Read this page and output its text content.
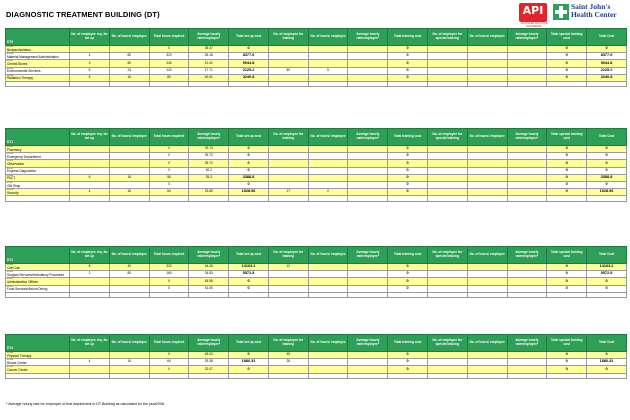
DIAGNOSTIC TREATMENT BUILDING (DT)	API
ADVANCED PRACTICE ENGINEERS
Saint John's
Health Center
DT0	No. of employee req. for set up	No. of hours/ employee	Total hours required	Average hourly rate/employee*	Total set up cost	No. of employee for training	No. of hours/ employee	Average hourly rate/employee*	Total training cost	No. of employee for special training	No. of hours/ employee	Average hourly rate/employee*	Total special training cost	Total Cost

DT0A
Bedpan/Isolators			0	35.47	0				0				0	0

DT0B
Material Management Administration	4	80	320	26.18	8377.6				0				0	8377.6

DT0C
Central Stores	3	80	240	21.02	5044.8				0				0	5044.8

DT0D
Environmental Services	5	24	120	17.71	2125.2	50	5		0				0	2125.2

DT0E
Radiation Therapy	5	16	80	40.51	3240.8				0				0	3240.8

DT1	No. of employee req. for set up	No. of hours/ employee	Total hours required	Average hourly rate/employee*	Total set up cost	No. of employee for training	No. of hours/ employee	Average hourly rate/employee*	Total training cost	No. of employee for special training	No. of hours/ employee	Average hourly rate/employee*	Total special training cost	Total Cost

DT1A
Pharmacy			0	29.74	0				0				0	0

DT1B
Emergency Department			0	39.72	0				0				0	0

DT1C
Observation			0	39.72	0				0				0	0

DT1D
Express Diagnostics			0	30.2	0				0				0	0

DT1E
PACT	6	16	96	35.3	3388.8				0				0	3388.8

DT1F
Gift Shop			0		0				0				0	0

DT1G
Security	4	16	64	23.89	1528.96	17	2		0				0	1528.96

DT2	No. of employee req. for set up	No. of hours/ employee	Total hours required	Average hourly rate/employee*	Total set up cost	No. of employee for training	No. of hours/ employee	Average hourly rate/employee*	Total training cost	No. of employee for special training	No. of hours/ employee	Average hourly rate/employee*	Total special training cost	Total Cost

DT2A
Cath Lab	8	40	320	44.26	14163.2	12			0				0	14163.2

DT2B
Surgical Services/Ambulatory Procedure	2	80	160	34.83	5572.8				0				0	5572.8

DT2C
Administration Offices			0	45.58	0				0				0	0

DT2D
Food Services/Atrium Dining			0	16.05	0				0				0	0

DT3	No. of employee req. for set up	No. of hours/ employee	Total hours required	Average hourly rate/employee*	Total set up cost	No. of employee for training	No. of hours/ employee	Average hourly rate/employee*	Total training cost	No. of employee for special training	No. of hours/ employee	Average hourly rate/employee*	Total special training cost	Total Cost

DT3A
Physical Therapy			0	45.03	0	45			0				0	0

DT3B
Breast Center	4	16	64	29.38	1880.32	28			0				0	1880.32

DT3C
Cancer Center			0	32.07	0				0				0	0

* Average hourly rate for employee of that department in DT Building as calculated for the year2006.
